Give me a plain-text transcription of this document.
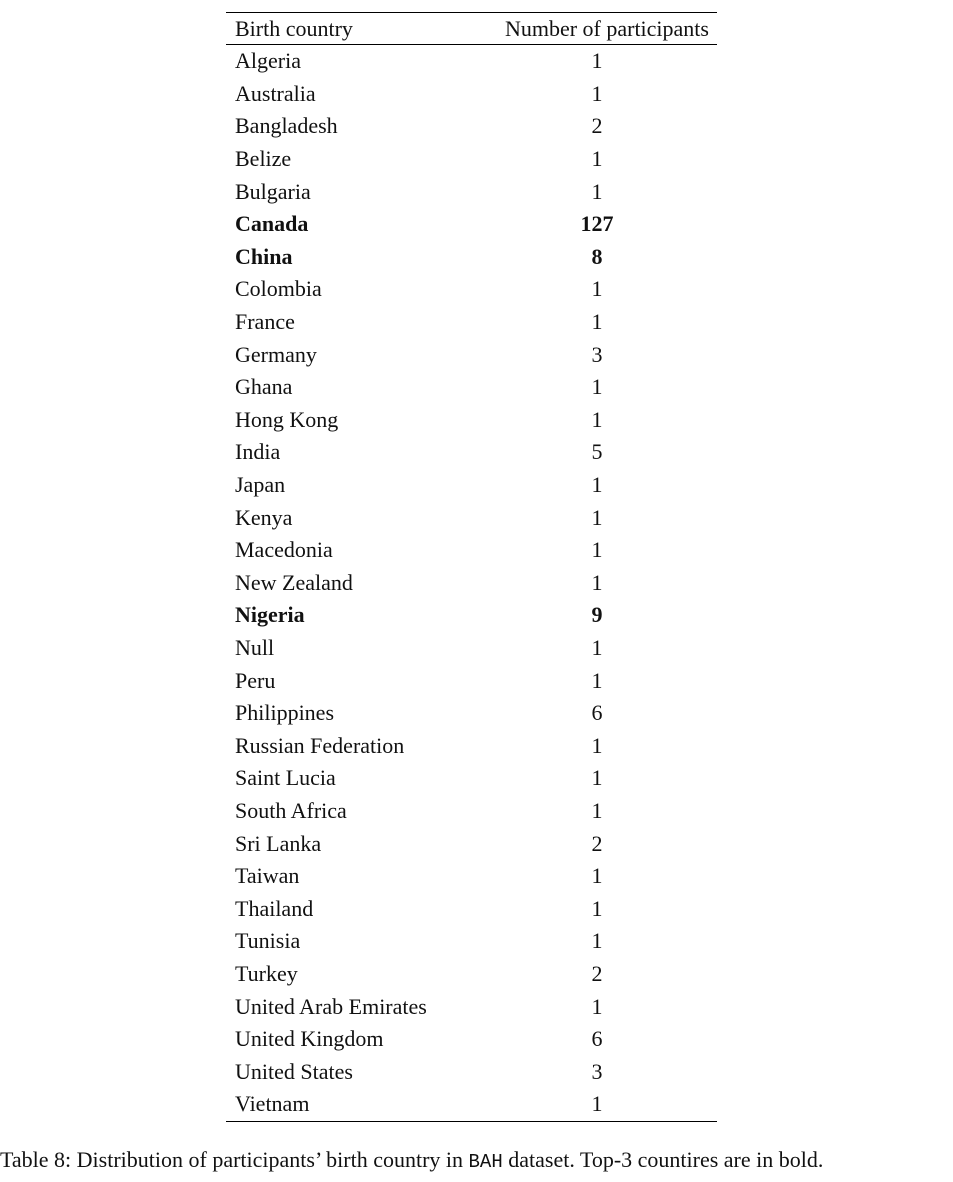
Birth country	Number of participants
Algeria	1
Australia	1
Bangladesh	2
Belize	1
Bulgaria	1
Canada	127
China	8
Colombia	1
France	1
Germany	3
Ghana	1
Hong Kong	1
India	5
Japan	1
Kenya	1
Macedonia	1
New Zealand	1
Nigeria	9
Null	1
Peru	1
Philippines	6
Russian Federation	1
Saint Lucia	1
South Africa	1
Sri Lanka	2
Taiwan	1
Thailand	1
Tunisia	1
Turkey	2
United Arab Emirates	1
United Kingdom	6
United States	3
Vietnam	1
Table 8: Distribution of participants’ birth country in BAH dataset. Top-3 countires are in bold.
